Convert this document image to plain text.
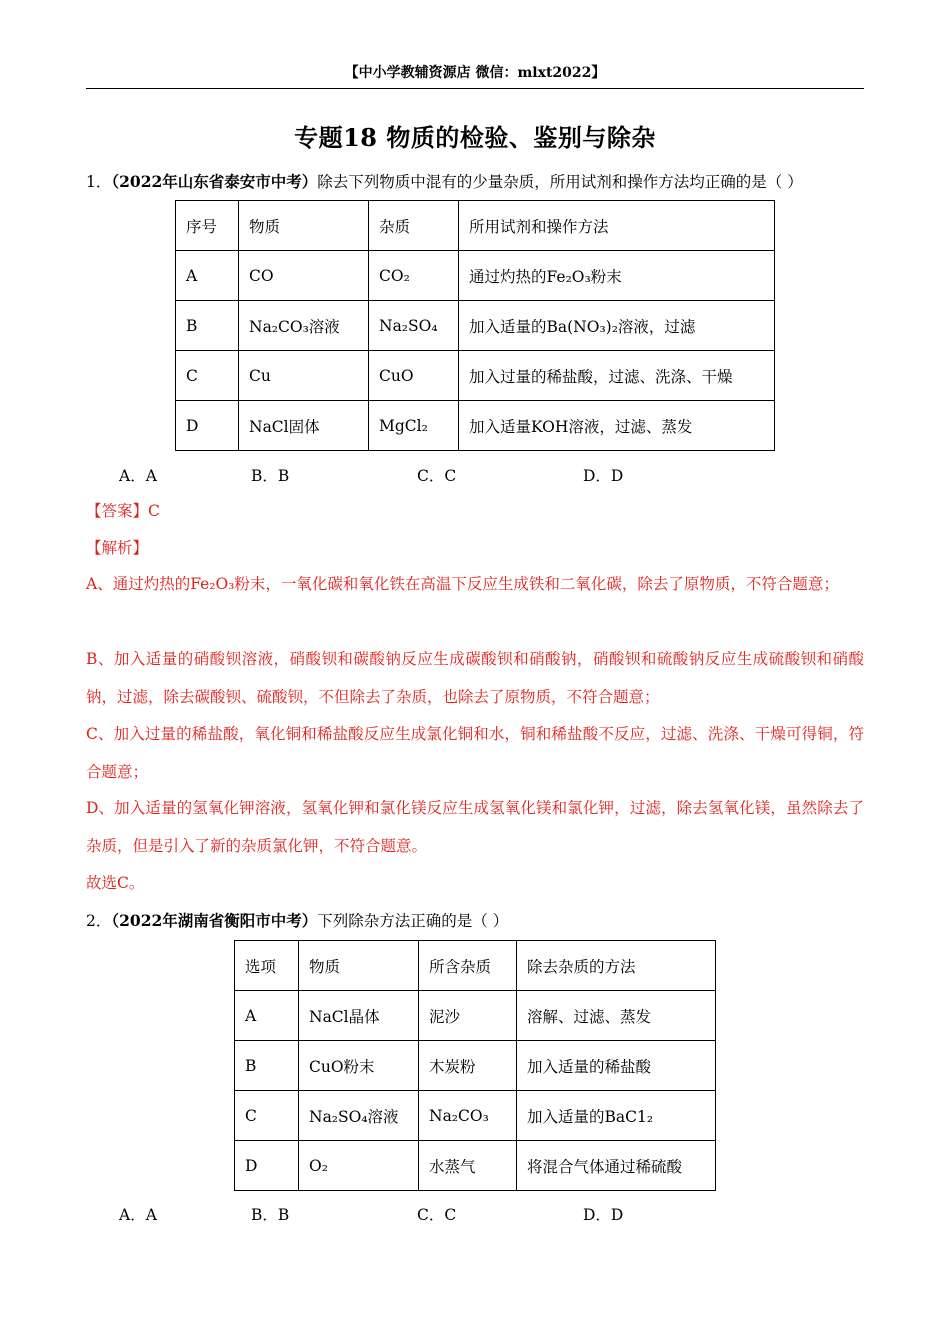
【中小学教辅资源店 微信：mlxt2022】
专题18 物质的检验、鉴别与除杂
1．（2022年山东省泰安市中考）除去下列物质中混有的少量杂质，所用试剂和操作方法均正确的是（ ）
序号	物质	杂质	所用试剂和操作方法
A	CO	CO₂	通过灼热的Fe₂O₃粉末
B	Na₂CO₃溶液	Na₂SO₄	加入适量的Ba(NO₃)₂溶液，过滤
C	Cu	CuO	加入过量的稀盐酸，过滤、洗涤、干燥
D	NaCl固体	MgCl₂	加入适量KOH溶液，过滤、蒸发
A．A	B．B	C．C	D．D
【答案】C
【解析】
A、通过灼热的Fe₂O₃粉末，一氧化碳和氧化铁在高温下反应生成铁和二氧化碳，除去了原物质，不符合题意；
B、加入适量的硝酸钡溶液，硝酸钡和碳酸钠反应生成碳酸钡和硝酸钠，硝酸钡和硫酸钠反应生成硫酸钡和硝酸钠，过滤，除去碳酸钡、硫酸钡，不但除去了杂质，也除去了原物质，不符合题意；
C、加入过量的稀盐酸，氧化铜和稀盐酸反应生成氯化铜和水，铜和稀盐酸不反应，过滤、洗涤、干燥可得铜，符合题意；
D、加入适量的氢氧化钾溶液，氢氧化钾和氯化镁反应生成氢氧化镁和氯化钾，过滤，除去氢氧化镁，虽然除去了杂质，但是引入了新的杂质氯化钾，不符合题意。
故选C。
2．（2022年湖南省衡阳市中考）下列除杂方法正确的是（ ）
选项	物质	所含杂质	除去杂质的方法
A	NaCl晶体	泥沙	溶解、过滤、蒸发
B	CuO粉末	木炭粉	加入适量的稀盐酸
C	Na₂SO₄溶液	Na₂CO₃	加入适量的BaC1₂
D	O₂	水蒸气	将混合气体通过稀硫酸
A．A	B．B	C．C	D．D
